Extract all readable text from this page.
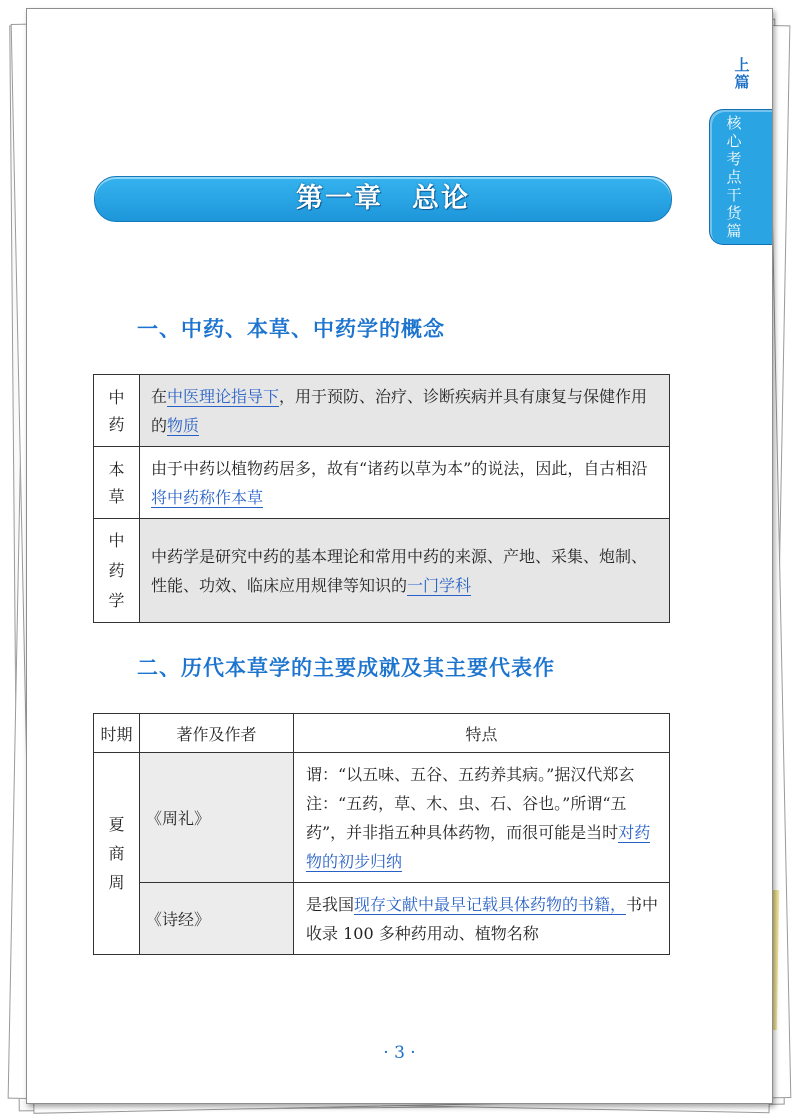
上篇
核心考点干货篇
第一章　总论
一、中药、本草、中药学的概念
中药	在中医理论指导下，用于预防、治疗、诊断疾病并具有康复与保健作用的物质

本草	由于中药以植物药居多，故有“诸药以草为本”的说法，因此，自古相沿将中药称作本草

中药学	中药学是研究中药的基本理论和常用中药的来源、产地、采集、炮制、性能、功效、临床应用规律等知识的一门学科
二、历代本草学的主要成就及其主要代表作
时期	著作及作者	特点

夏商周	《周礼》	谓：“以五味、五谷、五药养其病。”据汉代郑玄注：“五药，草、木、虫、石、谷也。”所谓“五药”，并非指五种具体药物，而很可能是当时对药物的初步归纳
	《诗经》	是我国现存文献中最早记载具体药物的书籍，书中收录 100 多种药用动、植物名称
· 3 ·
